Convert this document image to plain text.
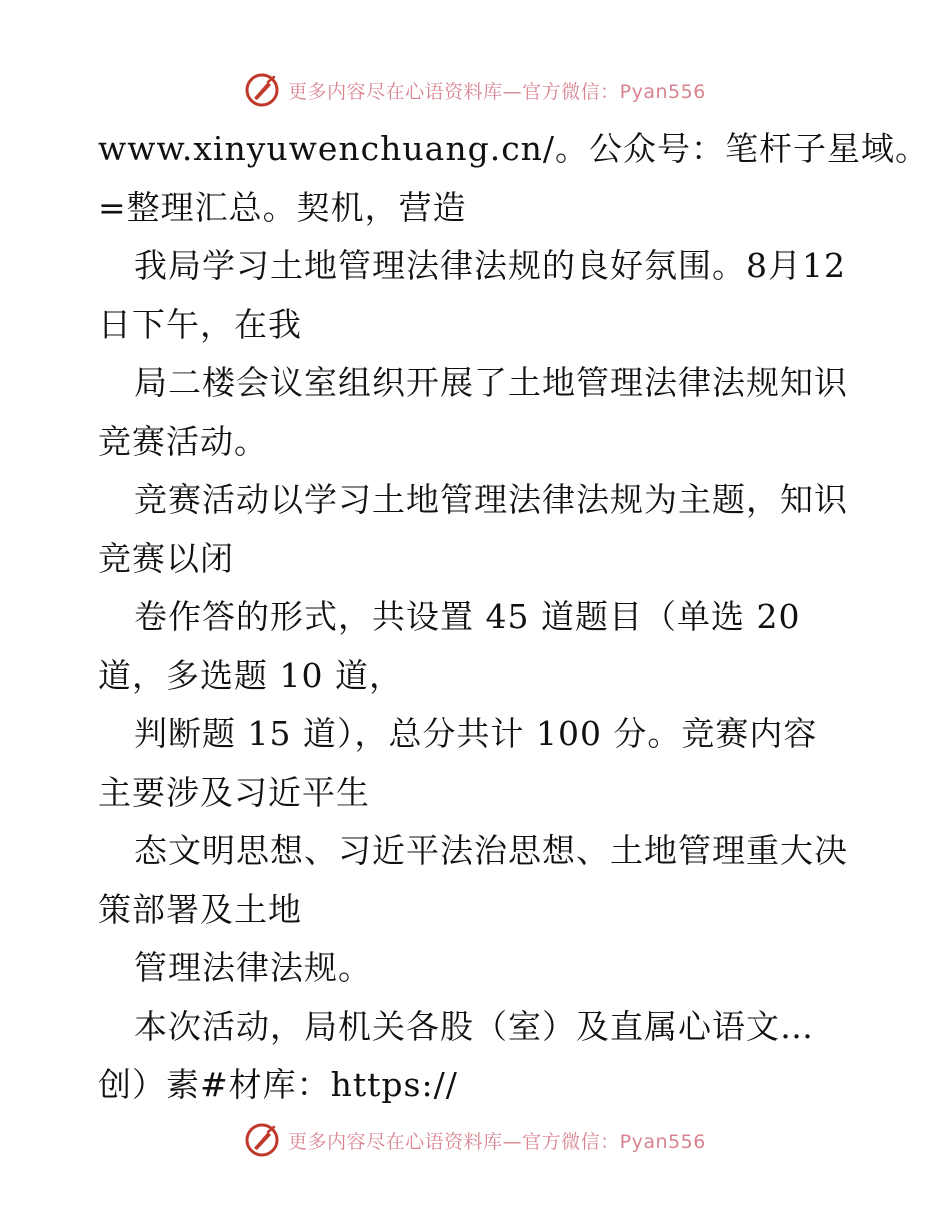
更多内容尽在心语资料库—官方微信：Pyan556
www.xinyuwenchuang.cn/。公众号：笔杆子星域。
=整理汇总。契机，营造
我局学习土地管理法律法规的良好氛围。8月12
日下午，在我
局二楼会议室组织开展了土地管理法律法规知识
竞赛活动。
竞赛活动以学习土地管理法律法规为主题，知识
竞赛以闭
卷作答的形式，共设置 45 道题目（单选 20
道，多选题 10 道，
判断题 15 道），总分共计 100 分。竞赛内容
主要涉及习近平生
态文明思想、习近平法治思想、土地管理重大决
策部署及土地
管理法律法规。
本次活动，局机关各股（室）及直属心语文…
创）素#材库：https://
更多内容尽在心语资料库—官方微信：Pyan556
